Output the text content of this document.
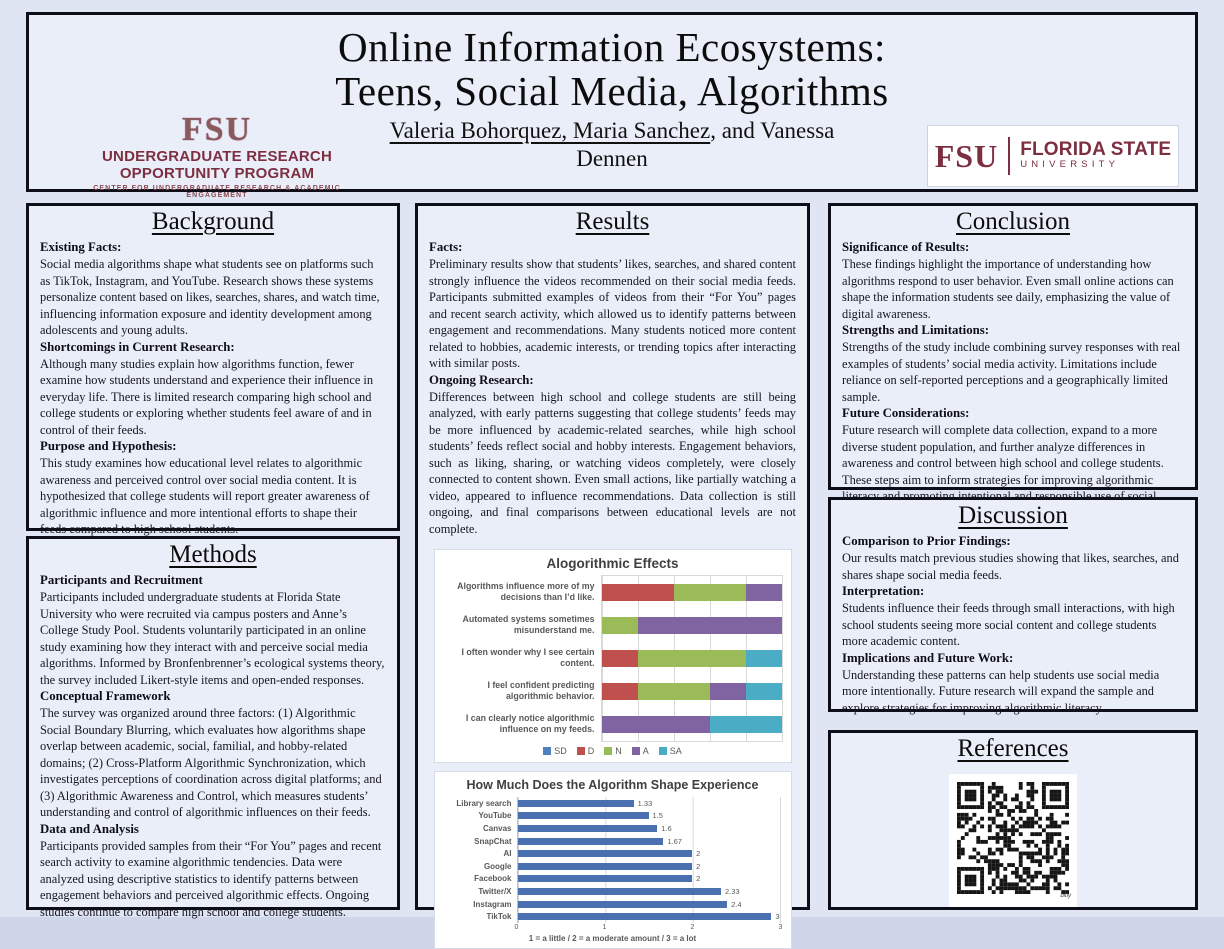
Online Information Ecosystems:
Teens, Social Media, Algorithms
Valeria Bohorquez, Maria Sanchez, and Vanessa
Dennen
FSU
UNDERGRADUATE RESEARCH
OPPORTUNITY PROGRAM
CENTER FOR UNDERGRADUATE RESEARCH & ACADEMIC ENGAGEMENT
FSU FLORIDA STATE
UNIVERSITY
Background
Existing Facts:
Social media algorithms shape what students see on platforms such as TikTok, Instagram, and YouTube. Research shows these systems personalize content based on likes, searches, shares, and watch time, influencing information exposure and identity development among adolescents and young adults.
Shortcomings in Current Research:
Although many studies explain how algorithms function, fewer examine how students understand and experience their influence in everyday life. There is limited research comparing high school and college students or exploring whether students feel aware of and in control of their feeds.
Purpose and Hypothesis:
This study examines how educational level relates to algorithmic awareness and perceived control over social media content. It is hypothesized that college students will report greater awareness of algorithmic influence and more intentional efforts to shape their feeds compared to high school students.
Methods
Participants and Recruitment
Participants included undergraduate students at Florida State University who were recruited via campus posters and Anne’s College Study Pool. Students voluntarily participated in an online study examining how they interact with and perceive social media algorithms. Informed by Bronfenbrenner’s ecological systems theory, the survey included Likert-style items and open-ended responses.
Conceptual Framework
The survey was organized around three factors: (1) Algorithmic Social Boundary Blurring, which evaluates how algorithms shape overlap between academic, social, familial, and hobby-related domains; (2) Cross-Platform Algorithmic Synchronization, which investigates perceptions of coordination across digital platforms; and (3) Algorithmic Awareness and Control, which measures students’ understanding and control of algorithmic influences on their feeds.
Data and Analysis
Participants provided samples from their “For You” pages and recent search activity to examine algorithmic tendencies. Data were analyzed using descriptive statistics to identify patterns between engagement behaviors and perceived algorithmic effects. Ongoing studies continue to compare high school and college students.
Results
Facts:
Preliminary results show that students’ likes, searches, and shared content strongly influence the videos recommended on their social media feeds. Participants submitted examples of videos from their “For You” pages and recent search activity, which allowed us to identify patterns between engagement and recommendations. Many students noticed more content related to hobbies, academic interests, or trending topics after interacting with similar posts.
Ongoing Research:
Differences between high school and college students are still being analyzed, with early patterns suggesting that college students’ feeds may be more influenced by academic-related searches, while high school students’ feeds reflect social and hobby interests. Engagement behaviors, such as liking, sharing, or watching videos completely, were closely connected to content shown. Even small actions, like partially watching a video, appeared to influence recommendations. Data collection is still ongoing, and final comparisons between educational levels are not complete.
Alogorithmic Effects
Algorithms influence more of my decisions than I’d like.
Automated systems sometimes misunderstand me.
I often wonder why I see certain content.
I feel confident predicting algorithmic behavior.
I can clearly notice algorithmic influence on my feeds.
SD	D	N	A	SA
How Much Does the Algorithm Shape Experience
Library search
YouTube
Canvas
SnapChat
AI
Google
Facebook
Twitter/X
Instagram
TikTok
1.33
1.5
1.6
1.67
2
2
2
2.33
2.4
3
0	1	2	3
1 = a little / 2 = a moderate amount / 3 = a lot
Conclusion
Significance of Results:
These findings highlight the importance of understanding how algorithms respond to user behavior. Even small online actions can shape the information students see daily, emphasizing the value of digital awareness.
Strengths and Limitations:
Strengths of the study include combining survey responses with real examples of students’ social media activity. Limitations include reliance on self-reported perceptions and a geographically limited sample.
Future Considerations:
Future research will complete data collection, expand to a more diverse student population, and further analyze differences in awareness and control between high school and college students. These steps aim to inform strategies for improving algorithmic
Discussion
Comparison to Prior Findings:
Our results match previous studies showing that likes, searches, and shares shape social media feeds.
Interpretation:
Students influence their feeds through small interactions, with high school students seeing more social content and college students more academic content.
Implications and Future Work:
Understanding these patterns can help students use social media more intentionally. Future research will expand the sample and explore strategies for improving algorithmic literacy.
References
bitly
